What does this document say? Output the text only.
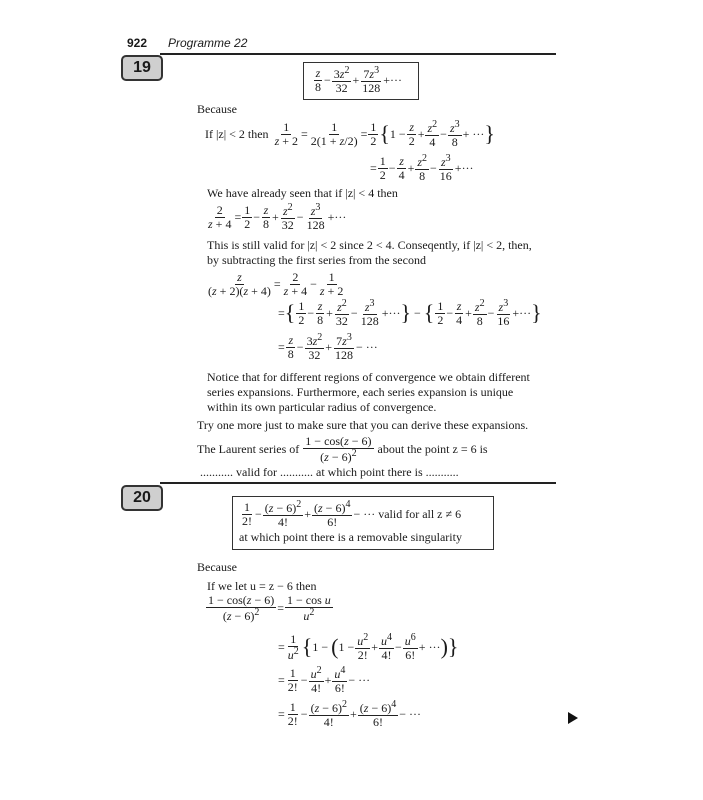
922 Programme 22
19	z
$8 - \frac{3z^2}{32} + \frac{7z^3}{128}$ +···
Because
If |z| < 2 then
$\frac{1}{z + 2} = \frac{1}{2(1 + z/2)} = \frac{1}{2}$ { $1 - \frac{z}{2} + \frac{z^2}{4} - \frac{z^3}{8}$ + ··· }
= $\frac{1}{2} - \frac{z}{4} + \frac{z^2}{8} - \frac{z^3}{16}$ +···
We have already seen that if |z| < 4 then
$\frac{2}{z + 4} = \frac{1}{2} - \frac{z}{8} + \frac{z^2}{32} - \frac{z^3}{128}$ +···
This is still valid for |z| < 2 since 2 < 4. Conseqently, if |z| < 2, then,
by subtracting the first series from the second
$\frac{z}{(z + 2)(z + 4)} = \frac{2}{z + 4} - \frac{1}{z + 2}$
= { 1
$2 - \frac{z}{8} + \frac{z^2}{32} - \frac{z^3}{128}$ +··· } − { 1
$2 - \frac{z}{4} + \frac{z^2}{8} - \frac{z^3}{16}$ +··· }
= $\frac{z}{8} - \frac{3z^2}{32} + \frac{7z^3}{128}$ − ···
Notice that for different regions of convergence we obtain different
series expansions. Furthermore, each series expansion is unique
within its own particular radius of convergence.
Try one more just to make sure that you can derive these expansions.
The Laurent series of

1 − cos(z − 6)
$(z - 6)^2$
about the point z = 6 is
........... valid for ........... at which point there is ...........
20
1
2! − $\frac{(z - 6)^2}{4!} + \frac{(z - 6)^4}{6!}$ − ··· valid for all z ≠ 6
at which point there is a removable singularity
Because
If we let u = z − 6 then
$\frac{1 - \cos(z - 6)}{(z - 6)^2} = \frac{\text{1 − cos u}}{u^2}$
= $\frac{1}{u^2}$ { 1 − ( $1 - \frac{u^2}{2!} + \frac{u^4}{4!} - \frac{u^6}{6!}$ + ··· )}
= $\frac{1}{2!} - \frac{u^2}{4!} + \frac{u^4}{6!}$ − ···
= $\frac{1}{2!} - \frac{(z - 6)^2}{4!} + \frac{(z - 6)^4}{6!}$ − ···
